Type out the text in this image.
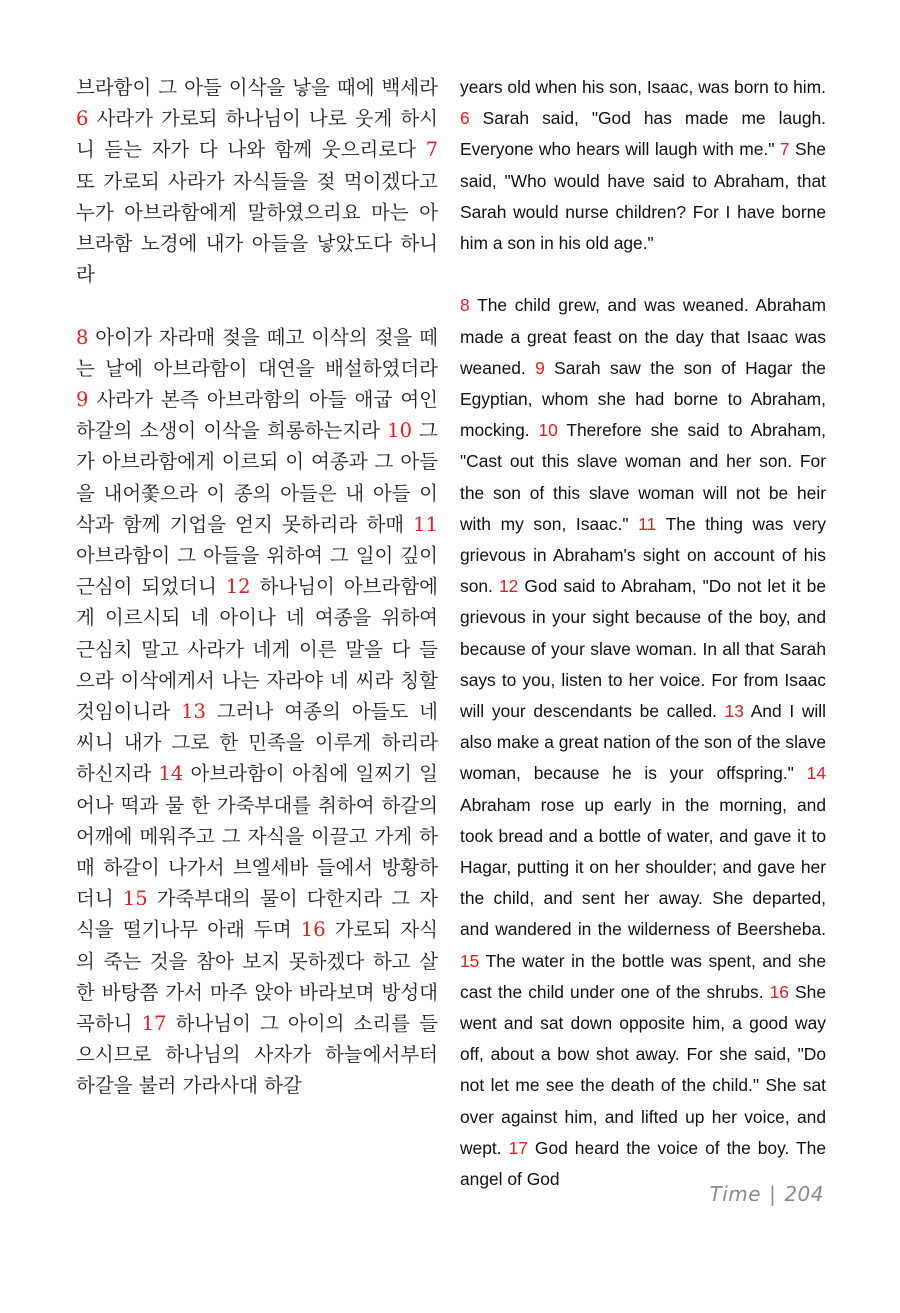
브라함이 그 아들 이삭을 낳을 때에 백세라 6 사라가 가로되 하나님이 나로 웃게 하시니 듣는 자가 다 나와 함께 웃으리로다 7 또 가로되 사라가 자식들을 젖 먹이겠다고 누가 아브라함에게 말하였으리요 마는 아브라함 노경에 내가 아들을 낳았도다 하니라

8 아이가 자라매 젖을 떼고 이삭의 젖을 떼는 날에 아브라함이 대연을 배설하였더라 9 사라가 본즉 아브라함의 아들 애굽 여인 하갈의 소생이 이삭을 희롱하는지라 10 그가 아브라함에게 이르되 이 여종과 그 아들을 내어쫓으라 이 종의 아들은 내 아들 이삭과 함께 기업을 얻지 못하리라 하매 11 아브라함이 그 아들을 위하여 그 일이 깊이 근심이 되었더니 12 하나님이 아브라함에게 이르시되 네 아이나 네 여종을 위하여 근심치 말고 사라가 네게 이른 말을 다 들으라 이삭에게서 나는 자라야 네 씨라 칭할 것임이니라 13 그러나 여종의 아들도 네 씨니 내가 그로 한 민족을 이루게 하리라 하신지라 14 아브라함이 아침에 일찌기 일어나 떡과 물 한 가죽부대를 취하여 하갈의 어깨에 메워주고 그 자식을 이끌고 가게 하매 하갈이 나가서 브엘세바 들에서 방황하더니 15 가죽부대의 물이 다한지라 그 자식을 떨기나무 아래 두며 16 가로되 자식의 죽는 것을 참아 보지 못하겠다 하고 살 한 바탕쯤 가서 마주 앉아 바라보며 방성대곡하니 17 하나님이 그 아이의 소리를 들으시므로 하나님의 사자가 하늘에서부터 하갈을 불러 가라사대 하갈

years old when his son, Isaac, was born to him. 6 Sarah said, "God has made me laugh. Everyone who hears will laugh with me." 7 She said, "Who would have said to Abraham, that Sarah would nurse children? For I have borne him a son in his old age."

8 The child grew, and was weaned. Abraham made a great feast on the day that Isaac was weaned. 9 Sarah saw the son of Hagar the Egyptian, whom she had borne to Abraham, mocking. 10 Therefore she said to Abraham, "Cast out this slave woman and her son. For the son of this slave woman will not be heir with my son, Isaac." 11 The thing was very grievous in Abraham's sight on account of his son. 12 God said to Abraham, "Do not let it be grievous in your sight because of the boy, and because of your slave woman. In all that Sarah says to you, listen to her voice. For from Isaac will your descendants be called. 13 And I will also make a great nation of the son of the slave woman, because he is your offspring." 14 Abraham rose up early in the morning, and took bread and a bottle of water, and gave it to Hagar, putting it on her shoulder; and gave her the child, and sent her away. She departed, and wandered in the wilderness of Beersheba. 15 The water in the bottle was spent, and she cast the child under one of the shrubs. 16 She went and sat down opposite him, a good way off, about a bow shot away. For she said, "Do not let me see the death of the child." She sat over against him, and lifted up her voice, and wept. 17 God heard the voice of the boy. The angel of God

Time | 204
